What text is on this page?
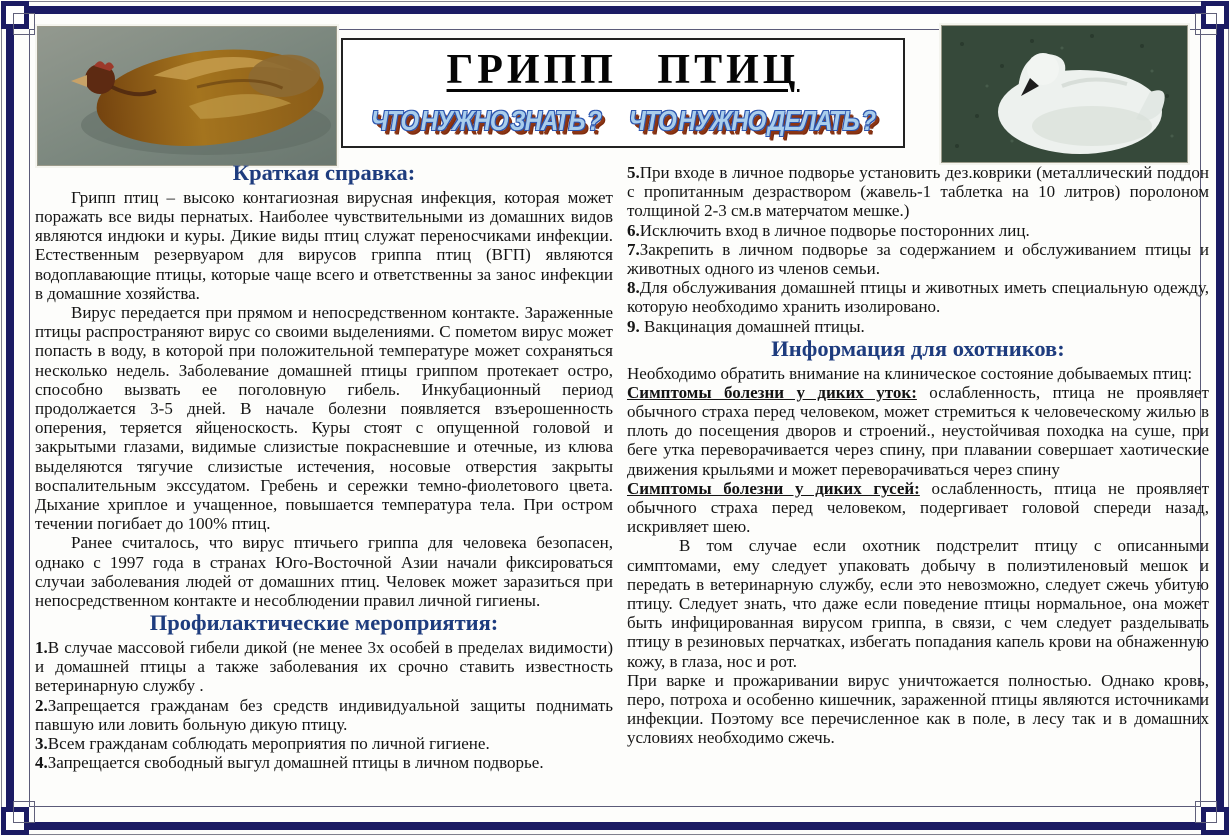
ГРИПП ПТИЦ
ЧТО НУЖНО ЗНАТЬ ? ЧТО НУЖНО ДЕЛАТЬ ?
Краткая справка:

Грипп птиц – высоко контагиозная вирусная инфекция, которая может поражать все виды пернатых. Наиболее чувствительными из домашних видов являются индюки и куры. Дикие виды птиц служат переносчиками инфекции. Естественным резервуаром для вирусов гриппа птиц (ВГП) являются водоплавающие птицы, которые чаще всего и ответственны за занос инфекции в домашние хозяйства.

Вирус передается при прямом и непосредственном контакте. Зараженные птицы распространяют вирус со своими выделениями. С пометом вирус может попасть в воду, в которой при положительной температуре может сохраняться несколько недель. Заболевание домашней птицы гриппом протекает остро, способно вызвать ее поголовную гибель. Инкубационный период продолжается 3-5 дней. В начале болезни появляется взъерошенность оперения, теряется яйценоскость. Куры стоят с опущенной головой и закрытыми глазами, видимые слизистые покрасневшие и отечные, из клюва выделяются тягучие слизистые истечения, носовые отверстия закрыты воспалительным экссудатом. Гребень и сережки темно-фиолетового цвета. Дыхание хриплое и учащенное, повышается температура тела. При остром течении погибает до 100% птиц.

Ранее считалось, что вирус птичьего гриппа для человека безопасен, однако с 1997 года в странах Юго-Восточной Азии начали фиксироваться случаи заболевания людей от домашних птиц. Человек может заразиться при непосредственном контакте и несоблюдении правил личной гигиены.

Профилактические мероприятия:

1.В случае массовой гибели дикой (не менее 3х особей в пределах видимости) и домашней птицы а также заболевания их срочно ставить известность ветеринарную службу .

2.Запрещается гражданам без средств индивидуальной защиты поднимать павшую или ловить больную дикую птицу.

3.Всем гражданам соблюдать мероприятия по личной гигиене.

4.Запрещается свободный выгул домашней птицы в личном подворье.

5.При входе в личное подворье установить дез.коврики (металлический поддон с пропитанным дезраствором (жавель-1 таблетка на 10 литров) поролоном толщиной 2-3 см.в матерчатом мешке.)

6.Исключить вход в личное подворье посторонних лиц.

7.Закрепить в личном подворье за содержанием и обслуживанием птицы и животных одного из членов семьи.

8.Для обслуживания домашней птицы и животных иметь специальную одежду, которую необходимо хранить изолировано.

9. Вакцинация домашней птицы.

Информация для охотников:

Необходимо обратить внимание на клиническое состояние добываемых птиц:

Симптомы болезни у диких уток: ослабленность, птица не проявляет обычного страха перед человеком, может стремиться к человеческому жилью в плоть до посещения дворов и строений., неустойчивая походка на суше, при беге утка переворачивается через спину, при плавании совершает хаотические движения крыльями и может переворачиваться через спину

Симптомы болезни у диких гусей: ослабленность, птица не проявляет обычного страха перед человеком, подергивает головой спереди назад, искривляет шею.

В том случае если охотник подстрелит птицу с описанными симптомами, ему следует упаковать добычу в полиэтиленовый мешок и передать в ветеринарную службу, если это невозможно, следует сжечь убитую птицу. Следует знать, что даже если поведение птицы нормальное, она может быть инфицированная вирусом гриппа, в связи, с чем следует разделывать птицу в резиновых перчатках, избегать попадания капель крови на обнаженную кожу, в глаза, нос и рот.

При варке и прожаривании вирус уничтожается полностью. Однако кровь, перо, потроха и особенно кишечник, зараженной птицы являются источниками инфекции. Поэтому все перечисленное как в поле, в лесу так и в домашних условиях необходимо сжечь.
